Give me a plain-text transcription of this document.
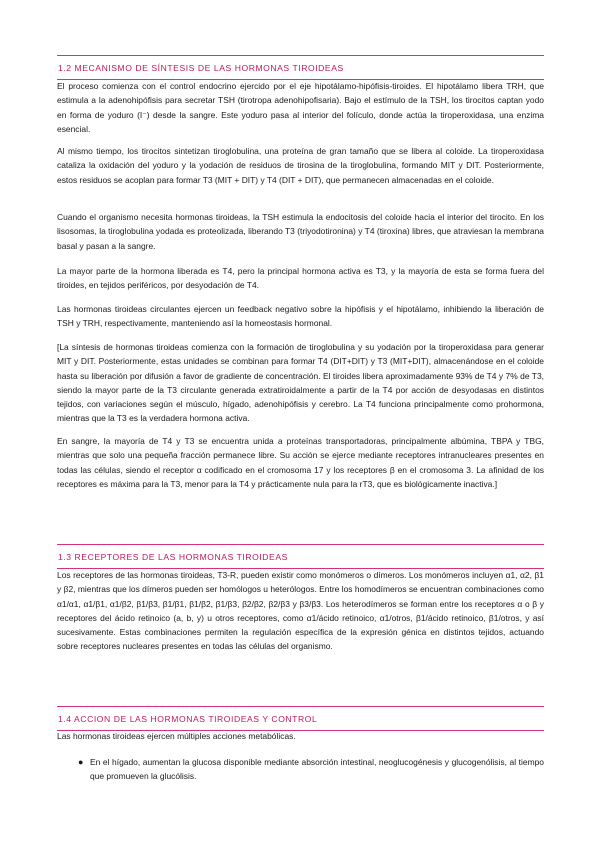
1.2 MECANISMO DE SÍNTESIS DE LAS HORMONAS TIROIDEAS

El proceso comienza con el control endocrino ejercido por el eje hipotálamo-hipófisis-tiroides. El hipotálamo libera TRH, que estimula a la adenohipófisis para secretar TSH (tirotropa adenohipofisaria). Bajo el estímulo de la TSH, los tirocitos captan yodo en forma de yoduro (I⁻) desde la sangre. Este yoduro pasa al interior del folículo, donde actúa la tiroperoxidasa, una enzima esencial.

Al mismo tiempo, los tirocitos sintetizan tiroglobulina, una proteína de gran tamaño que se libera al coloide. La tiroperoxidasa cataliza la oxidación del yoduro y la yodación de residuos de tirosina de la tiroglobulina, formando MIT y DIT. Posteriormente, estos residuos se acoplan para formar T3 (MIT + DIT) y T4 (DIT + DIT), que permanecen almacenadas en el coloide.

Cuando el organismo necesita hormonas tiroideas, la TSH estimula la endocitosis del coloide hacia el interior del tirocito. En los lisosomas, la tiroglobulina yodada es proteolizada, liberando T3 (triyodotironina) y T4 (tiroxina) libres, que atraviesan la membrana basal y pasan a la sangre.

La mayor parte de la hormona liberada es T4, pero la principal hormona activa es T3, y la mayoría de esta se forma fuera del tiroides, en tejidos periféricos, por desyodación de T4.

Las hormonas tiroideas circulantes ejercen un feedback negativo sobre la hipófisis y el hipotálamo, inhibiendo la liberación de TSH y TRH, respectivamente, manteniendo así la homeostasis hormonal.

[La síntesis de hormonas tiroideas comienza con la formación de tiroglobulina y su yodación por la tiroperoxidasa para generar MIT y DIT. Posteriormente, estas unidades se combinan para formar T4 (DIT+DIT) y T3 (MIT+DIT), almacenándose en el coloide hasta su liberación por difusión a favor de gradiente de concentración. El tiroides libera aproximadamente 93% de T4 y 7% de T3, siendo la mayor parte de la T3 circulante generada extratiroidalmente a partir de la T4 por acción de desyodasas en distintos tejidos, con variaciones según el músculo, hígado, adenohipófisis y cerebro. La T4 funciona principalmente como prohormona, mientras que la T3 es la verdadera hormona activa.

En sangre, la mayoría de T4 y T3 se encuentra unida a proteínas transportadoras, principalmente albúmina, TBPA y TBG, mientras que solo una pequeña fracción permanece libre. Su acción se ejerce mediante receptores intranucleares presentes en todas las células, siendo el receptor α codificado en el cromosoma 17 y los receptores β en el cromosoma 3. La afinidad de los receptores es máxima para la T3, menor para la T4 y prácticamente nula para la rT3, que es biológicamente inactiva.]

1.3 RECEPTORES DE LAS HORMONAS TIROIDEAS

Los receptores de las hormonas tiroideas, T3-R, pueden existir como monómeros o dímeros. Los monómeros incluyen α1, α2, β1 y β2, mientras que los dímeros pueden ser homólogos u heterólogos. Entre los homodímeros se encuentran combinaciones como α1/α1, α1/β1, α1/β2, β1/β3, β1/β1, β1/β2, β1/β3, β2/β2, β2/β3 y β3/β3. Los heterodímeros se forman entre los receptores α o β y receptores del ácido retinoico (a, b, y) u otros receptores, como α1/ácido retinoico, α1/otros, β1/ácido retinoico, β1/otros, y así sucesivamente. Estas combinaciones permiten la regulación específica de la expresión génica en distintos tejidos, actuando sobre receptores nucleares presentes en todas las células del organismo.

1.4 ACCION DE LAS HORMONAS TIROIDEAS Y CONTROL

Las hormonas tiroideas ejercen múltiples acciones metabólicas.

● En el hígado, aumentan la glucosa disponible mediante absorción intestinal, neoglucogénesis y glucogenólisis, al tiempo que promueven la glucólisis.
